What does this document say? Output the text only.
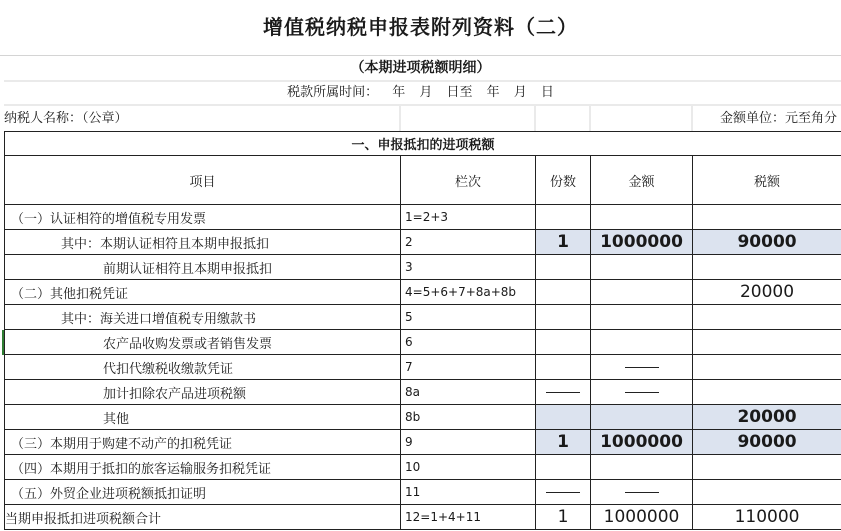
增值税纳税申报表附列资料（二）
（本期进项税额明细）
税款所属时间： 年 月 日至 年 月 日
纳税人名称：（公章）	金额单位：元至角分
一、申报抵扣的进项税额				
项目	栏次	份数	金额	税额
（一）认证相符的增值税专用发票	1=2+3			
其中：本期认证相符且本期申报抵扣	2	1	1000000	90000
前期认证相符且本期申报抵扣	3			
（二）其他扣税凭证	4=5+6+7+8a+8b			20000
其中：海关进口增值税专用缴款书	5			
农产品收购发票或者销售发票	6			
代扣代缴税收缴款凭证	7			
加计扣除农产品进项税额	8a			
其他	8b			20000
（三）本期用于购建不动产的扣税凭证	9	1	1000000	90000
（四）本期用于抵扣的旅客运输服务扣税凭证	10			
（五）外贸企业进项税额抵扣证明	11			
当期申报抵扣进项税额合计	12=1+4+11	1	1000000	110000
